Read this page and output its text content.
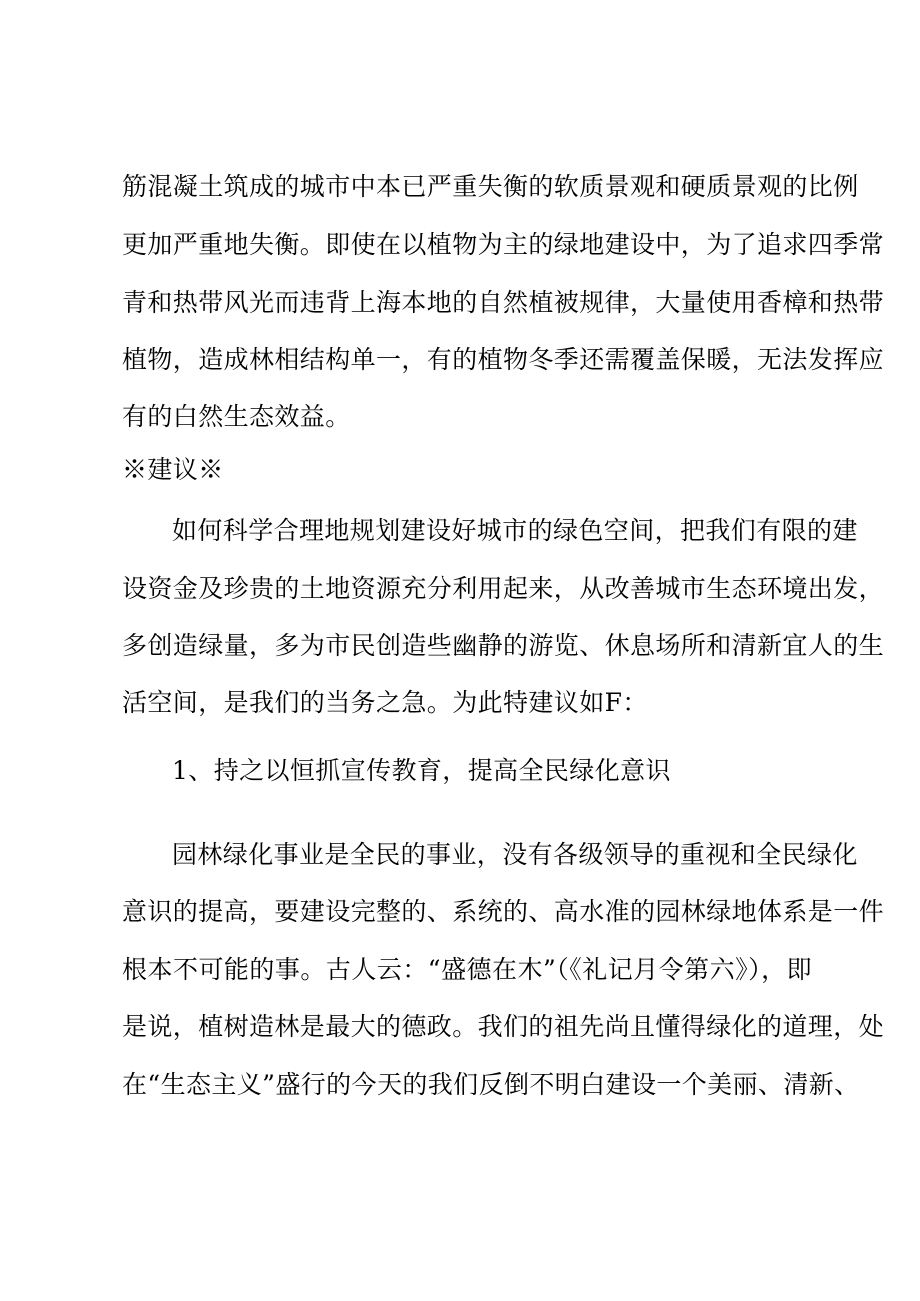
筋混凝土筑成的城市中本已严重失衡的软质景观和硬质景观的比例
更加严重地失衡。即使在以植物为主的绿地建设中，为了追求四季常
青和热带风光而违背上海本地的自然植被规律，大量使用香樟和热带
植物，造成林相结构单一，有的植物冬季还需覆盖保暖，无法发挥应
有的白然生态效益。
※建议※
如何科学合理地规划建设好城市的绿色空间，把我们有限的建
设资金及珍贵的土地资源充分利用起来，从改善城市生态环境出发，
多创造绿量，多为市民创造些幽静的游览、休息场所和清新宜人的生
活空间，是我们的当务之急。为此特建议如F：
1、持之以恒抓宣传教育，提高全民绿化意识
园林绿化事业是全民的事业，没有各级领导的重视和全民绿化
意识的提高，要建设完整的、系统的、高水准的园林绿地体系是一件
根本不可能的事。古人云：“盛德在木”（《礼记月令第六》），即
是说，植树造林是最大的德政。我们的祖先尚且懂得绿化的道理，处
在“生态主义”盛行的今天的我们反倒不明白建设一个美丽、清新、
